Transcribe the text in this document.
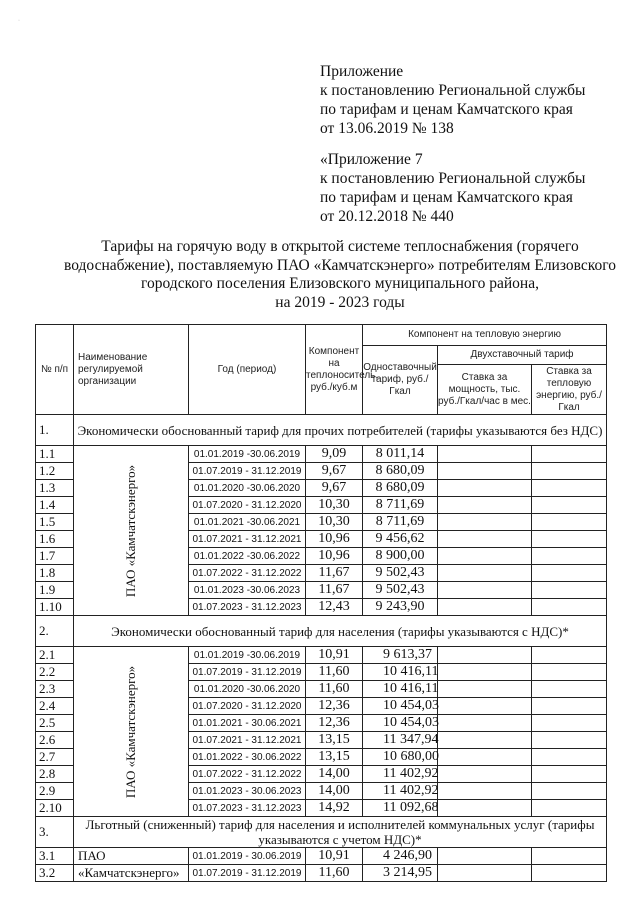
·
Приложение
к постановлению Региональной службы
по тарифам и ценам Камчатского края
от 13.06.2019 № 138
«Приложение 7
к постановлению Региональной службы
по тарифам и ценам Камчатского края
от 20.12.2018 № 440
Тарифы на горячую воду в открытой системе теплоснабжения (горячего
водоснабжение), поставляемую ПАО «Камчатскэнерго» потребителям Елизовского
городского поселения Елизовского муниципального района,
на 2019 - 2023 годы
№ п/п	Наименование регулируемой организации	Год (период)	Компонент на теплоноситель, руб./куб.м	Компонент на тепловую энергию		
				Одноставочный тариф, руб./Гкал	Двухставочный тариф	
					Ставка за мощность, тыс. руб./Гкал/час в мес.	Ставка за тепловую энергию, руб./Гкал
1.	Экономически обоснованный тариф для прочих потребителей (тарифы указываются без НДС)					
1.1	ПАО «Камчатскэнерго»	01.01.2019 -30.06.2019	9,09	8 011,14		
1.2		01.07.2019 - 31.12.2019	9,67	8 680,09		
1.3		01.01.2020 -30.06.2020	9,67	8 680,09		
1.4		01.07.2020 - 31.12.2020	10,30	8 711,69		
1.5		01.01.2021 -30.06.2021	10,30	8 711,69		
1.6		01.07.2021 - 31.12.2021	10,96	9 456,62		
1.7		01.01.2022 -30.06.2022	10,96	8 900,00		
1.8		01.07.2022 - 31.12.2022	11,67	9 502,43		
1.9		01.01.2023 -30.06.2023	11,67	9 502,43		
1.10		01.07.2023 - 31.12.2023	12,43	9 243,90		
2.	Экономически обоснованный тариф для населения (тарифы указываются с НДС)*					
2.1	ПАО «Камчатскэнерго»	01.01.2019 -30.06.2019	10,91	9 613,37		
2.2		01.07.2019 - 31.12.2019	11,60	10 416,11		
2.3		01.01.2020 -30.06.2020	11,60	10 416,11		
2.4		01.07.2020 - 31.12.2020	12,36	10 454,03		
2.5		01.01.2021 - 30.06.2021	12,36	10 454,03		
2.6		01.07.2021 - 31.12.2021	13,15	11 347,94		
2.7		01.01.2022 - 30.06.2022	13,15	10 680,00		
2.8		01.07.2022 - 31.12.2022	14,00	11 402,92		
2.9		01.01.2023 - 30.06.2023	14,00	11 402,92		
2.10		01.07.2023 - 31.12.2023	14,92	11 092,68		
3.	Льготный (сниженный) тариф для населения и исполнителей коммунальных услуг (тарифы указываются с учетом НДС)*					
3.1	ПАО	01.01.2019 - 30.06.2019	10,91	4 246,90		
3.2	«Камчатскэнерго»	01.07.2019 - 31.12.2019	11,60	3 214,95		
